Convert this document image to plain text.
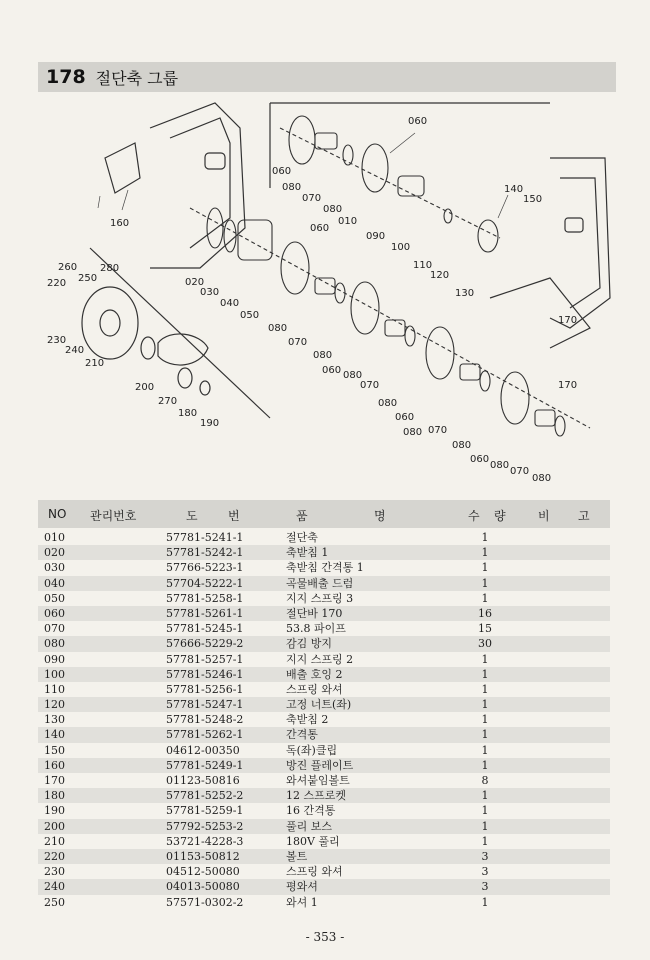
178 절단축 그룹
060
060
080
070
080
010
090
100
140
150
110
120
130
170
160	060
020
030
040
050
260 280
250
220
230
240
210
080
070
080
060 080
070
080
060
080 070
080
060
080
070
080
200
270
180
190
170
NO 관리번호	도	번	품	명	수 량	비 고
010	57781-5241-1	절단축	1
020	57781-5242-1	축받침 1	1
030	57766-5223-1	축받침 간격통 1	1
040	57704-5222-1	곡물배출 드럼	1
050	57781-5258-1	지지 스프링 3	1
060	57781-5261-1	절단바 170	16
070	57781-5245-1	53.8 파이프	15
080	57666-5229-2	감김 방지	30
090	57781-5257-1	지지 스프링 2	1
100	57781-5246-1	배출 호잉 2	1
110	57781-5256-1	스프링 와셔	1
120	57781-5247-1	고정 너트(좌)	1
130	57781-5248-2	축받침 2	1
140	57781-5262-1	간격통	1
150	04612-00350	독(좌)클립	1
160	57781-5249-1	방진 플레이트	1
170	01123-50816	와셔붙임볼트	8
180	57781-5252-2	12 스프로켓	1
190	57781-5259-1	16 간격통	1
200	57792-5253-2	풀리 보스	1
210	53721-4228-3	180V 풀리	1
220	01153-50812	볼트	3
230	04512-50080	스프링 와셔	3
240	04013-50080	평와셔	3
250	57571-0302-2	와셔 1	1
- 353 -
